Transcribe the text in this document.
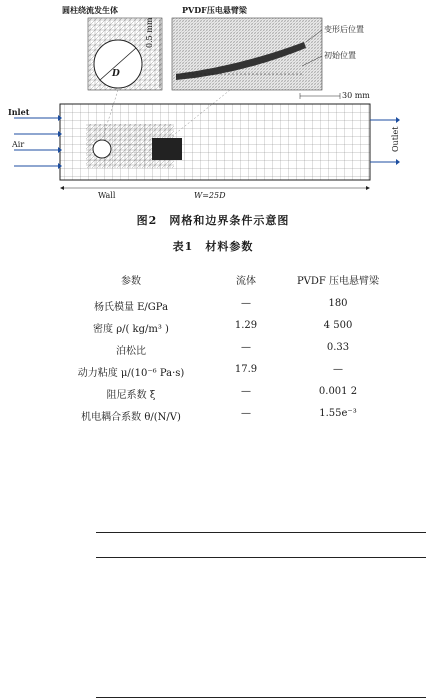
圆柱绕流发生体	PVDF压电悬臂梁
变形后位置
初始位置
0.5 mm
30 mm
D
Inlet
Air	Outlet
Wall	W=25D
图2　网格和边界条件示意图
表1　材料参数
参数	流体	PVDF 压电悬臂梁
杨氏模量 E/GPa	—	180
密度 ρ/( kg/m³ )	1.29	4 500
泊松比	—	0.33
动力粘度 μ/(10⁻⁶ Pa·s)	17.9	—
阻尼系数 ξ	—	0.001 2
机电耦合系数 θ/(N/V)	—	1.55e⁻³
